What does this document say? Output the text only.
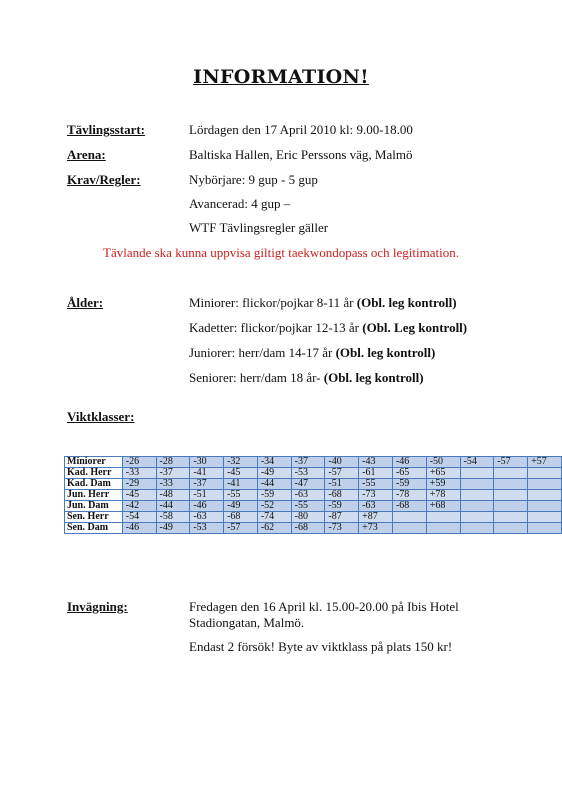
INFORMATION!
Tävlingsstart:	Lördagen den 17 April 2010 kl: 9.00-18.00
Arena:	Baltiska Hallen, Eric Perssons väg, Malmö
Krav/Regler:	Nybörjare: 9 gup - 5 gup
Avancerad: 4 gup –
WTF Tävlingsregler gäller
Tävlande ska kunna uppvisa giltigt taekwondopass och legitimation.
Ålder:	Miniorer: flickor/pojkar 8-11 år (Obl. leg kontroll)
Kadetter: flickor/pojkar 12-13 år (Obl. Leg kontroll)
Juniorer: herr/dam 14-17 år (Obl. leg kontroll)
Seniorer: herr/dam 18 år- (Obl. leg kontroll)
Viktklasser:
Miniorer	-26	-28	-30	-32	-34	-37	-40	-43	-46	-50	-54	-57	+57
Kad. Herr	-33	-37	-41	-45	-49	-53	-57	-61	-65	+65			
Kad. Dam	-29	-33	-37	-41	-44	-47	-51	-55	-59	+59			
Jun. Herr	-45	-48	-51	-55	-59	-63	-68	-73	-78	+78			
Jun. Dam	-42	-44	-46	-49	-52	-55	-59	-63	-68	+68			
Sen. Herr	-54	-58	-63	-68	-74	-80	-87	+87					
Sen. Dam	-46	-49	-53	-57	-62	-68	-73	+73					
Invägning:	Fredagen den 16 April kl. 15.00-20.00 på Ibis Hotel
Stadiongatan, Malmö.
Endast 2 försök! Byte av viktklass på plats 150 kr!
